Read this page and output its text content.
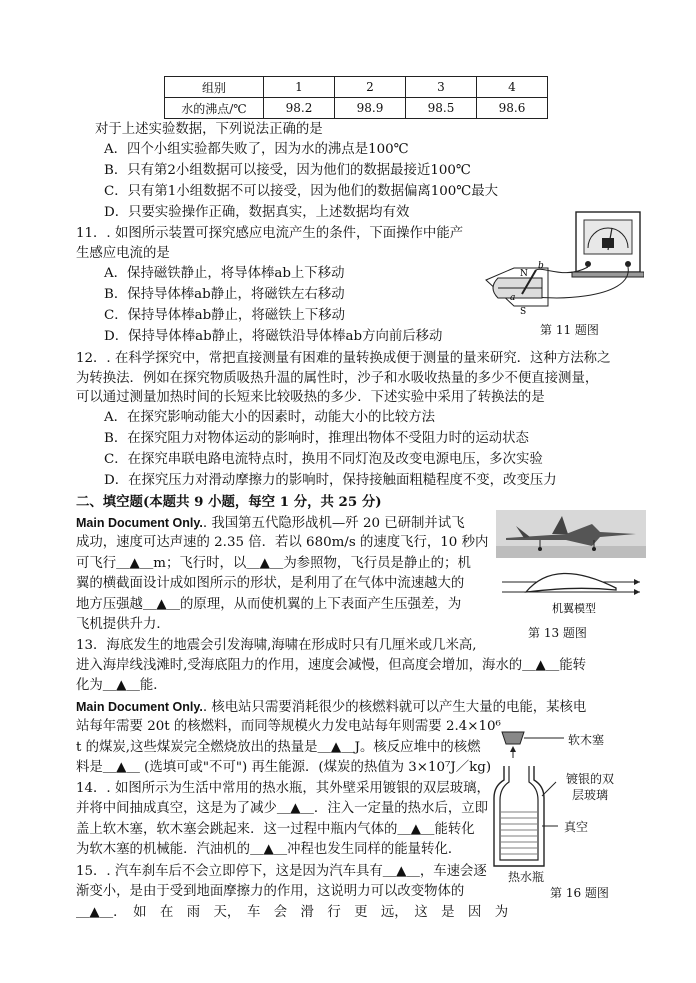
组别	1	2	3	4
水的沸点/℃	98.2	98.9	98.5	98.6
对于上述实验数据，下列说法正确的是
A．四个小组实验都失败了，因为水的沸点是100℃
B．只有第2小组数据可以接受，因为他们的数据最接近100℃
C．只有第1小组数据不可以接受，因为他们的数据偏离100℃最大
D．只要实验操作正确，数据真实，上述数据均有效
11．. 如图所示装置可探究感应电流产生的条件，下面操作中能产
生感应电流的是
A．保持磁铁静止，将导体棒ab上下移动
B．保持导体棒ab静止，将磁铁左右移动
C．保持导体棒ab静止，将磁铁上下移动
D．保持导体棒ab静止，将磁铁沿导体棒ab方向前后移动
N
S
a
b
第 11 题图
12．. 在科学探究中，常把直接测量有困难的量转换成便于测量的量来研究．这种方法称之
为转换法．例如在探究物质吸热升温的属性时，沙子和水吸收热量的多少不便直接测量，
可以通过测量加热时间的长短来比较吸热的多少．下述实验中采用了转换法的是
A．在探究影响动能大小的因素时，动能大小的比较方法
B．在探究阻力对物体运动的影响时，推理出物体不受阻力时的运动状态
C．在探究串联电路电流特点时，换用不同灯泡及改变电源电压，多次实验
D．在探究压力对滑动摩擦力的影响时，保持接触面粗糙程度不变，改变压力
二、填空题(本题共 9 小题，每空 1 分，共 25 分)
Main Document Only.. 我国第五代隐形战机—歼 20 已研制并试飞
成功，速度可达声速的 2.35 倍．若以 680m/s 的速度飞行，10 秒内
可飞行＿▲＿m；飞行时，以＿▲＿为参照物，飞行员是静止的；机
翼的横截面设计成如图所示的形状，是利用了在气体中流速越大的
地方压强越＿▲＿的原理，从而使机翼的上下表面产生压强差，为
飞机提供升力．
机翼模型
第 13 题图
13．海底发生的地震会引发海啸,海啸在形成时只有几厘米或几米高,
进入海岸线浅滩时,受海底阻力的作用，速度会减慢，但高度会增加，海水的＿▲＿能转
化为＿▲＿能．
Main Document Only.. 核电站只需要消耗很少的核燃料就可以产生大量的电能，某核电
站每年需要 20t 的核燃料，而同等规模火力发电站每年则需要 2.4×10⁶
t 的煤炭,这些煤炭完全燃烧放出的热量是＿▲＿J。核反应堆中的核燃
料是＿▲＿ (选填可或"不可") 再生能源．(煤炭的热值为 3×10⁷J／kg)
14．. 如图所示为生活中常用的热水瓶，其外壁采用镀银的双层玻璃，
并将中间抽成真空，这是为了减少＿▲＿．注入一定量的热水后，立即
盖上软木塞，软木塞会跳起来．这一过程中瓶内气体的＿▲＿能转化
为软木塞的机械能．汽油机的＿▲＿冲程也发生同样的能量转化．
15．. 汽车刹车后不会立即停下，这是因为汽车具有＿▲＿，车速会逐
渐变小，是由于受到地面摩擦力的作用，这说明力可以改变物体的
＿▲＿．　如　在　雨　天，　车　会　滑　行　更　远，　这　是　因　为
软木塞
镀银的双
层玻璃
真空
热水瓶
第 16 题图
